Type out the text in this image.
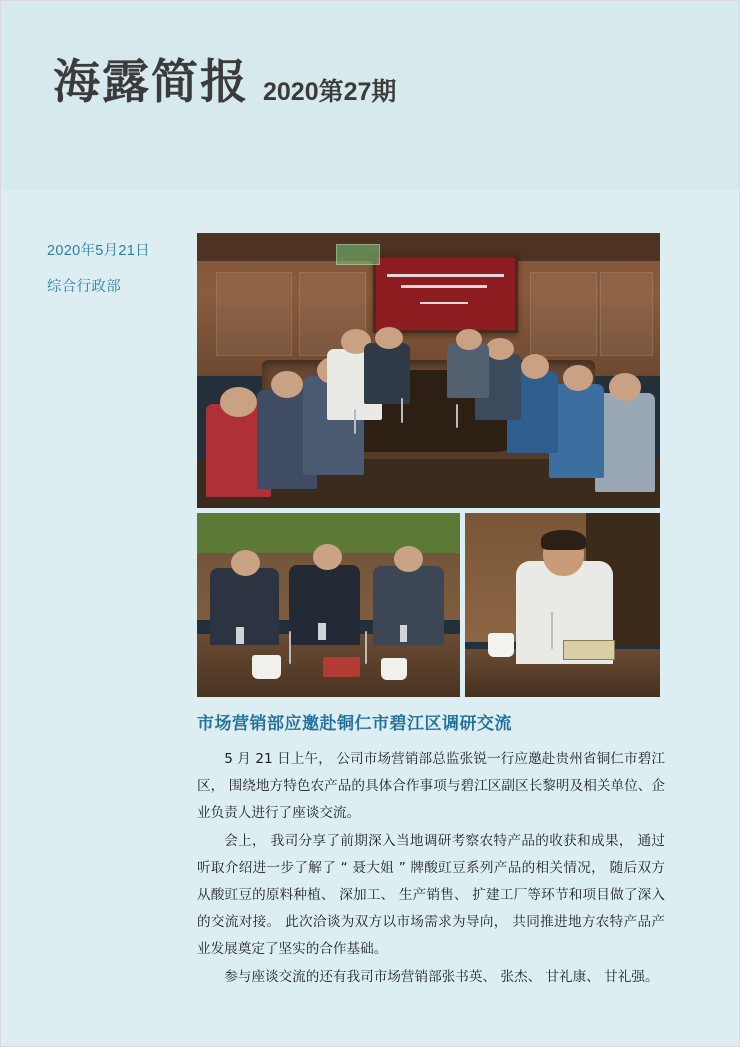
海露简报 2020第27期
2020年5月21日
综合行政部
市场营销部应邀赴铜仁市碧江区调研交流

5 月 21 日上午， 公司市场营销部总监张锐一行应邀赴贵州省铜仁市碧江区， 围绕地方特色农产品的具体合作事项与碧江区副区长黎明及相关单位、企业负责人进行了座谈交流。

会上， 我司分享了前期深入当地调研考察农特产品的收获和成果， 通过听取介绍进一步了解了 “ 聂大姐 ” 牌酸豇豆系列产品的相关情况， 随后双方从酸豇豆的原料种植、 深加工、 生产销售、 扩建工厂等环节和项目做了深入的交流对接。 此次洽谈为双方以市场需求为导向， 共同推进地方农特产品产业发展奠定了坚实的合作基础。

参与座谈交流的还有我司市场营销部张书英、 张杰、 甘礼康、 甘礼强。
